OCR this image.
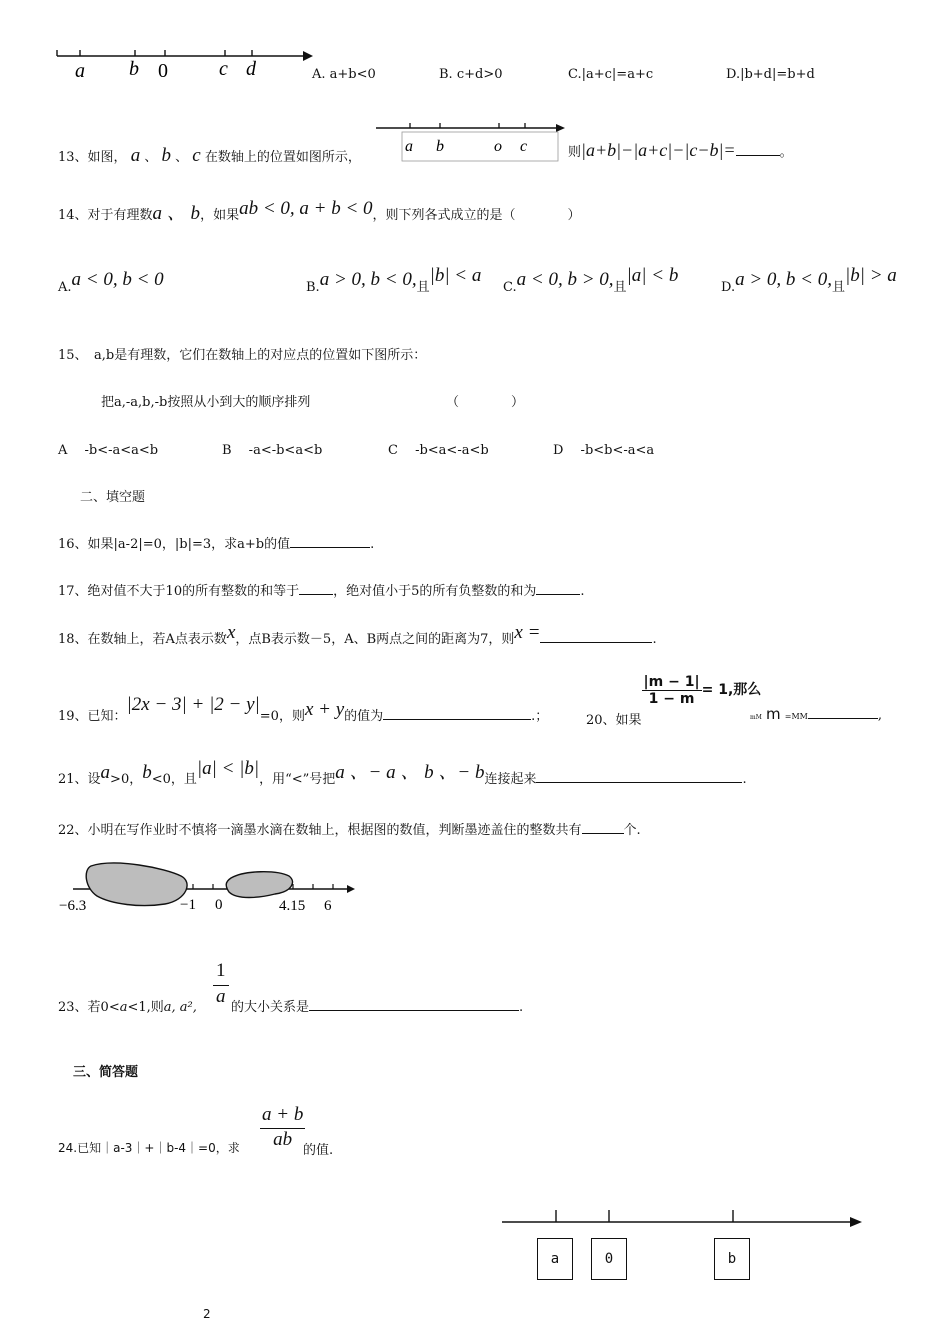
a b 0	c d	A. a+b<0	B. c+d>0	C.|a+c|=a+c	D.|b+d|=b+d
13、如图， a 、 b 、 c 在数轴上的位置如图所示，
a b	o c	则|a+b|−|a+c|−|c−b|=	。
14、对于有理数a 、 b，如果ab < 0, a + b < 0，则下列各式成立的是（　　　　）
A.a < 0, b < 0	B.a > 0, b < 0,且|b| < a
C.a < 0, b > 0,且|a| < b
D.a > 0, b < 0,且|b| > a
15、　a,b是有理数，它们在数轴上的对应点的位置如下图所示：
把a,-a,b,-b按照从小到大的顺序排列	（　　　　）
A　 -b<-a<a<b	B　 -a<-b<a<b	C　 -b<a<-a<b	D　 -b<b<-a<a
二、填空题
16、如果|a-2|=0，|b|=3，求a+b的值	.
17、绝对值不大于10的所有整数的和等于	，绝对值小于5的所有负整数的和为	.
18、在数轴上，若A点表示数x，点B表示数－5，A、B两点之间的距离为7，则x =	.
19、已知：|2x − 3| + |2 − y|=0，则x + y的值为	.；	20、如果
$\frac{|m - 1|}{1 - m} = 1$,那么
mM m =MM	,
21、设a>0，b<0，且|a| < |b|，用“<”号把a 、− a 、 b 、− b连接起来	.
22、小明在写作业时不慎将一滴墨水滴在数轴上，根据图的数值，判断墨迹盖住的整数共有	个.
−6.3	−1 0	4.15 6
23、若0<a<1,则a, a², $\frac{1}{a}$ 的大小关系是	.
三、简答题
24.已知｜a-3｜+｜b-4｜=0，求 $\frac{a + b}{ab}$
的值.
a	0	b
2
